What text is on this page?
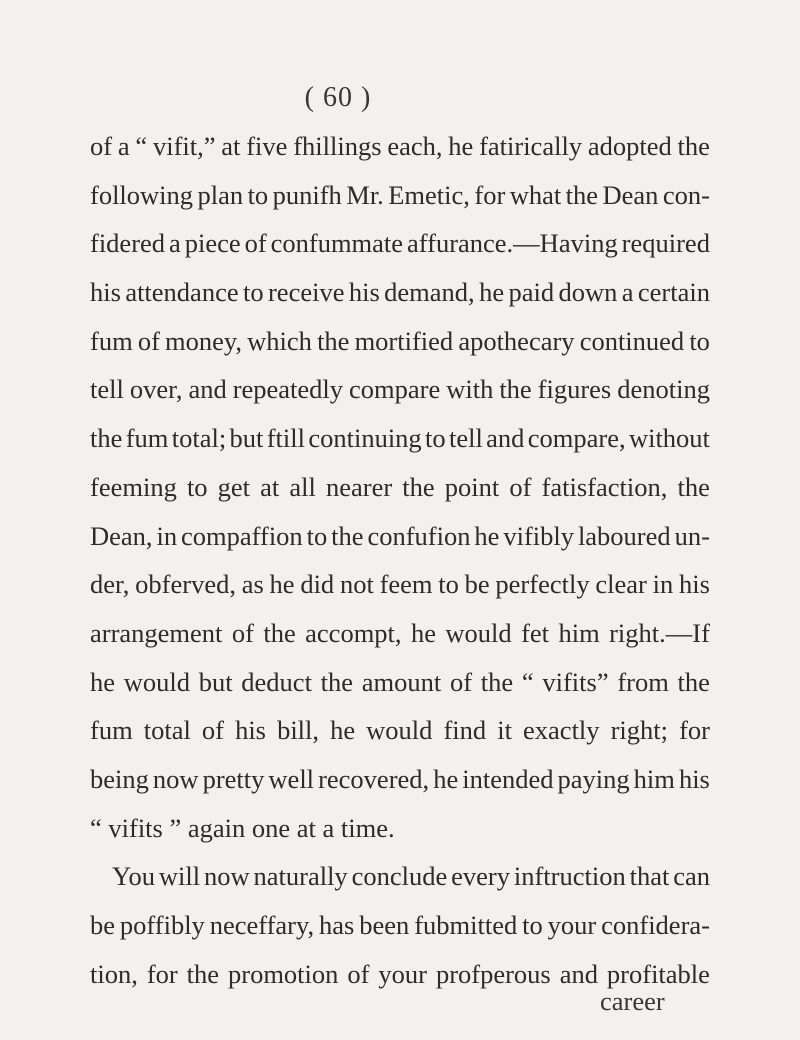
( 60 )
of a “ vifit,” at five fhillings each, he fatirically adopted the
following plan to punifh Mr. Emetic, for what the Dean con-
fidered a piece of confummate affurance.—Having required
his attendance to receive his demand, he paid down a certain
fum of money, which the mortified apothecary continued to
tell over, and repeatedly compare with the figures denoting
the fum total; but ftill continuing to tell and compare, without
feeming to get at all nearer the point of fatisfaction, the
Dean, in compaffion to the confufion he vifibly laboured un-
der, obferved, as he did not feem to be perfectly clear in his
arrangement of the accompt, he would fet him right.—If
he would but deduct the amount of the “ vifits” from the
fum total of his bill, he would find it exactly right; for
being now pretty well recovered, he intended paying him his
“ vifits ” again one at a time.
You will now naturally conclude every inftruction that can
be poffibly neceffary, has been fubmitted to your confidera-
tion, for the promotion of your profperous and profitable
career
